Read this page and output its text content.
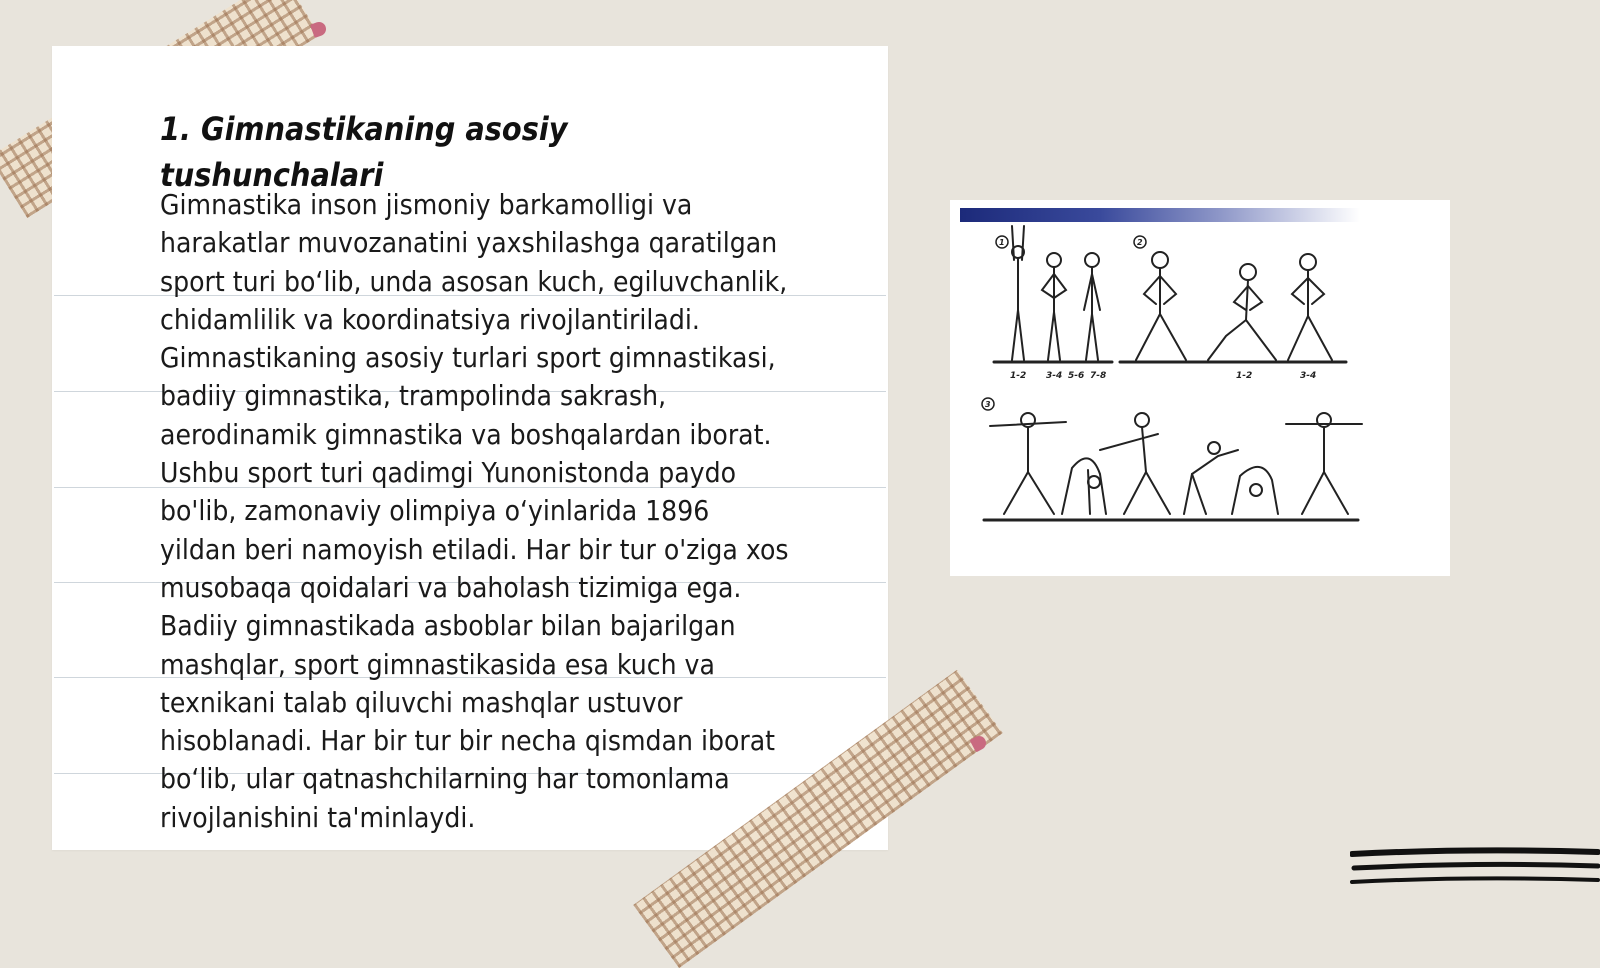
1. Gimnastikaning asosiy tushunchalari

Gimnastika inson jismoniy barkamolligi va harakatlar muvozanatini yaxshilashga qaratilgan sport turi bo‘lib, unda asosan kuch, egiluvchanlik, chidamlilik va koordinatsiya rivojlantiriladi. Gimnastikaning asosiy turlari sport gimnastikasi, badiiy gimnastika, trampolinda sakrash, aerodinamik gimnastika va boshqalardan iborat. Ushbu sport turi qadimgi Yunonistonda paydo bo'lib, zamonaviy olimpiya o‘yinlarida 1896 yildan beri namoyish etiladi. Har bir tur o'ziga xos musobaqa qoidalari va baholash tizimiga ega. Badiiy gimnastikada asboblar bilan bajarilgan mashqlar, sport gimnastikasida esa kuch va texnikani talab qiluvchi mashqlar ustuvor hisoblanadi. Har bir tur bir necha qismdan iborat bo‘lib, ular qatnashchilarning har tomonlama rivojlanishini ta'minlaydi.

1-2 3-4 5-6 7-8	1-2	3-4
1	2
3
